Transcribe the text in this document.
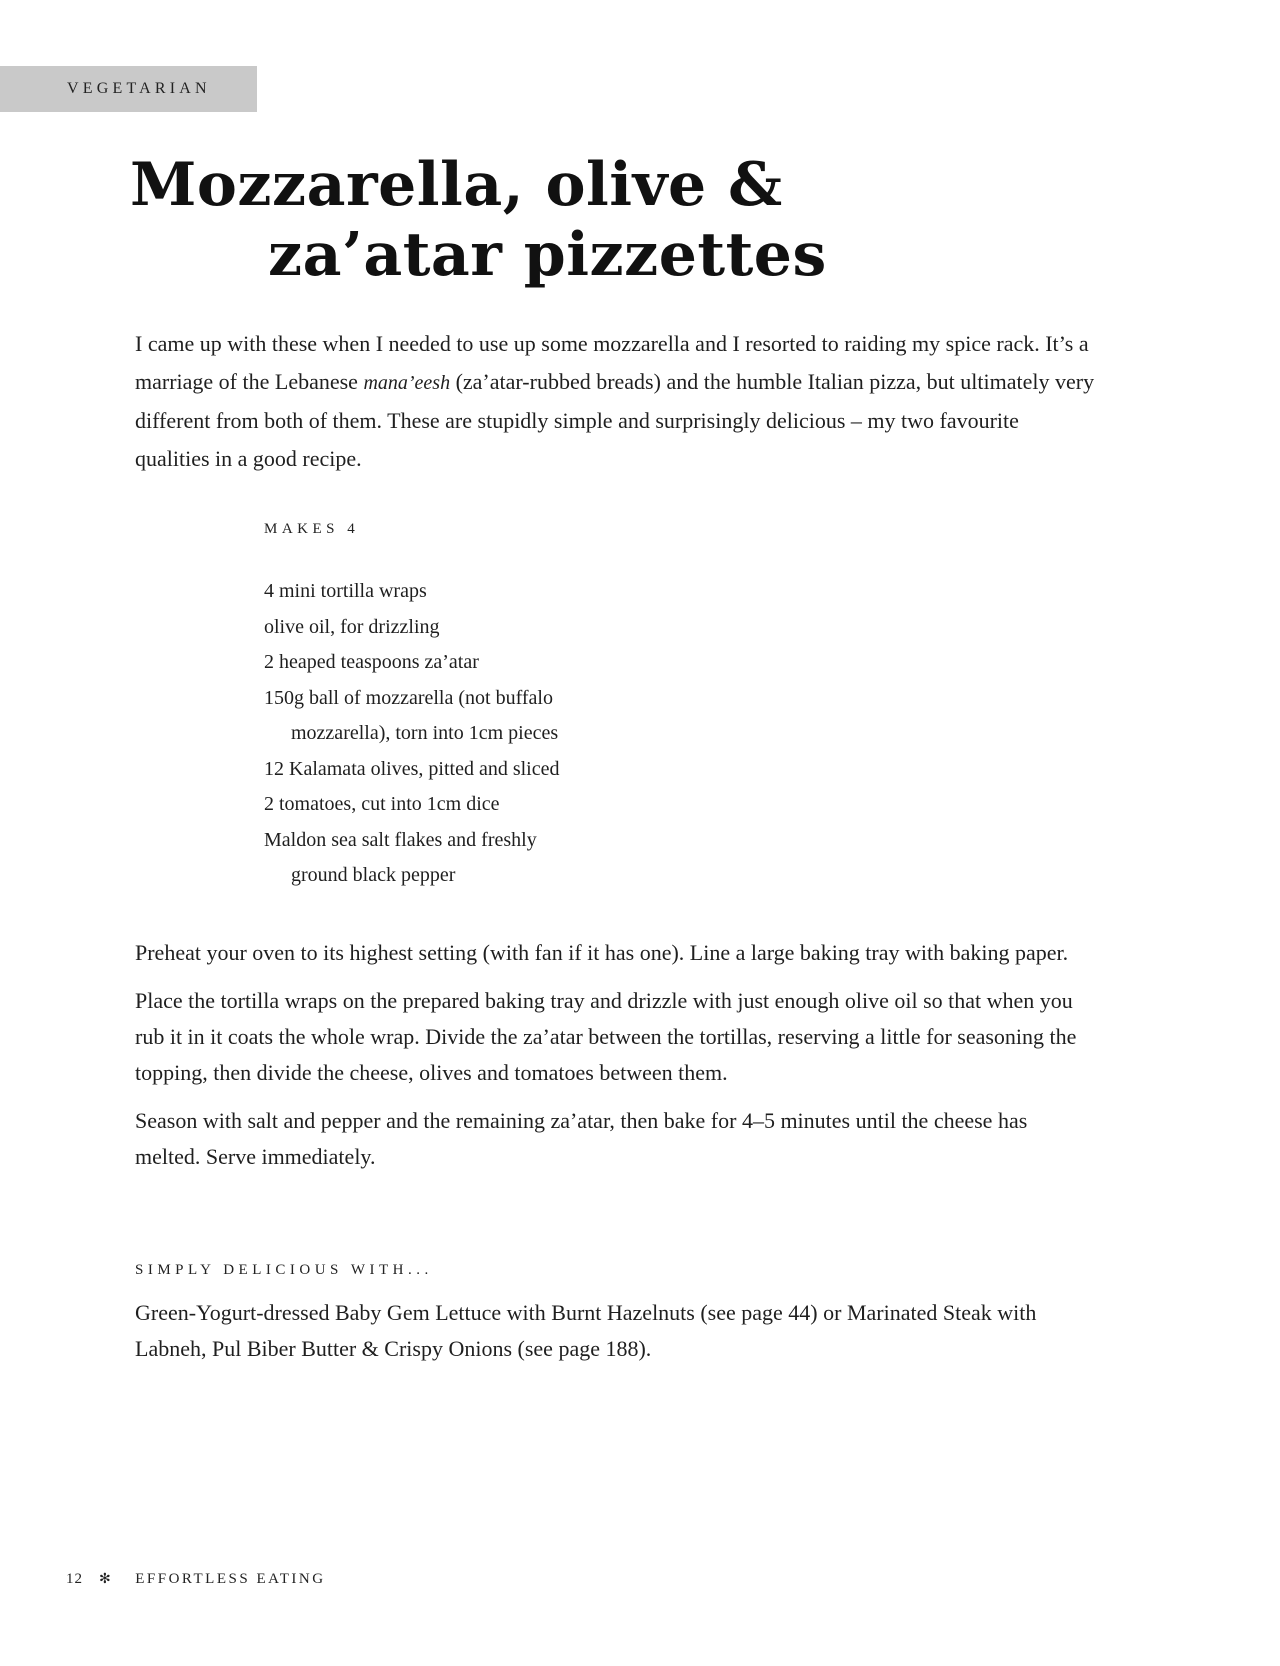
VEGETARIAN
Mozzarella, olive &
za’atar pizzettes

I came up with these when I needed to use up some mozzarella and I resorted to raiding my spice rack. It’s a marriage of the Lebanese mana’eesh (za’atar-rubbed breads) and the humble Italian pizza, but ultimately very different from both of them. These are stupidly simple and surprisingly delicious – my two favourite qualities in a good recipe.

MAKES 4

4 mini tortilla wraps
olive oil, for drizzling
2 heaped teaspoons za’atar
150g ball of mozzarella (not buffalo
mozzarella), torn into 1cm pieces
12 Kalamata olives, pitted and sliced
2 tomatoes, cut into 1cm dice
Maldon sea salt flakes and freshly
ground black pepper

Preheat your oven to its highest setting (with fan if it has one). Line a large baking tray with baking paper.

Place the tortilla wraps on the prepared baking tray and drizzle with just enough olive oil so that when you rub it in it coats the whole wrap. Divide the za’atar between the tortillas, reserving a little for seasoning the topping, then divide the cheese, olives and tomatoes between them.

Season with salt and pepper and the remaining za’atar, then bake for 4–5 minutes until the cheese has melted. Serve immediately.

SIMPLY DELICIOUS WITH...

Green-Yogurt-dressed Baby Gem Lettuce with Burnt Hazelnuts (see page 44) or Marinated Steak with Labneh, Pul Biber Butter & Crispy Onions (see page 188).

12 ✻ EFFORTLESS EATING
